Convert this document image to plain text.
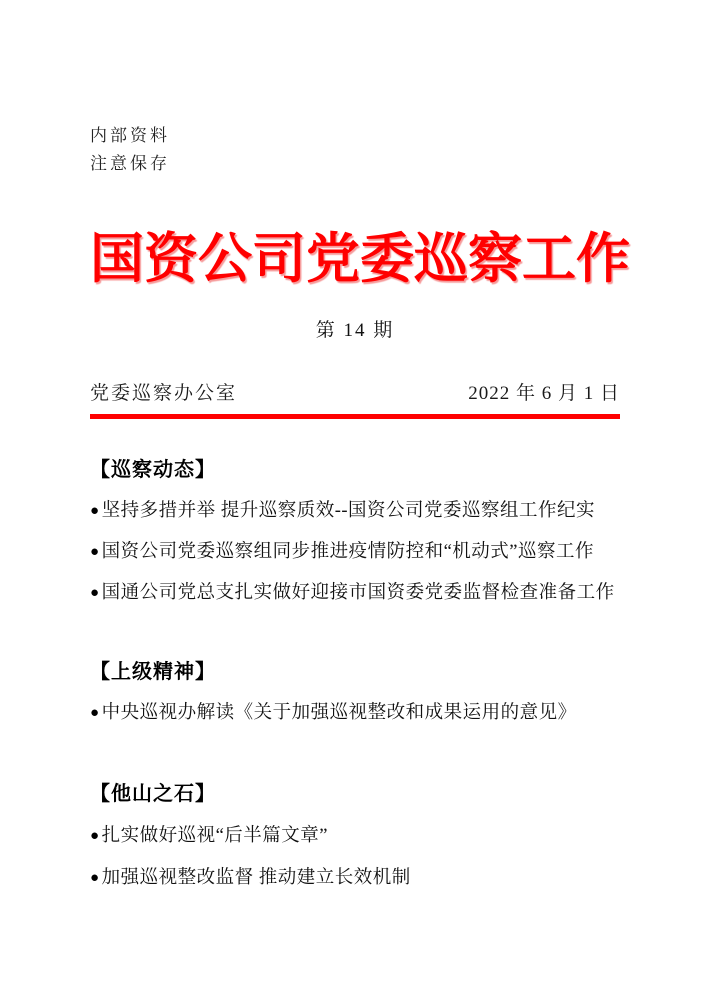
内部资料
注意保存
国资公司党委巡察工作
第 14 期
党委巡察办公室	2022 年 6 月 1 日
【巡察动态】
● 坚持多措并举 提升巡察质效--国资公司党委巡察组工作纪实
● 国资公司党委巡察组同步推进疫情防控和“机动式”巡察工作
● 国通公司党总支扎实做好迎接市国资委党委监督检查准备工作
【上级精神】
● 中央巡视办解读《关于加强巡视整改和成果运用的意见》
【他山之石】
● 扎实做好巡视“后半篇文章”
● 加强巡视整改监督 推动建立长效机制
